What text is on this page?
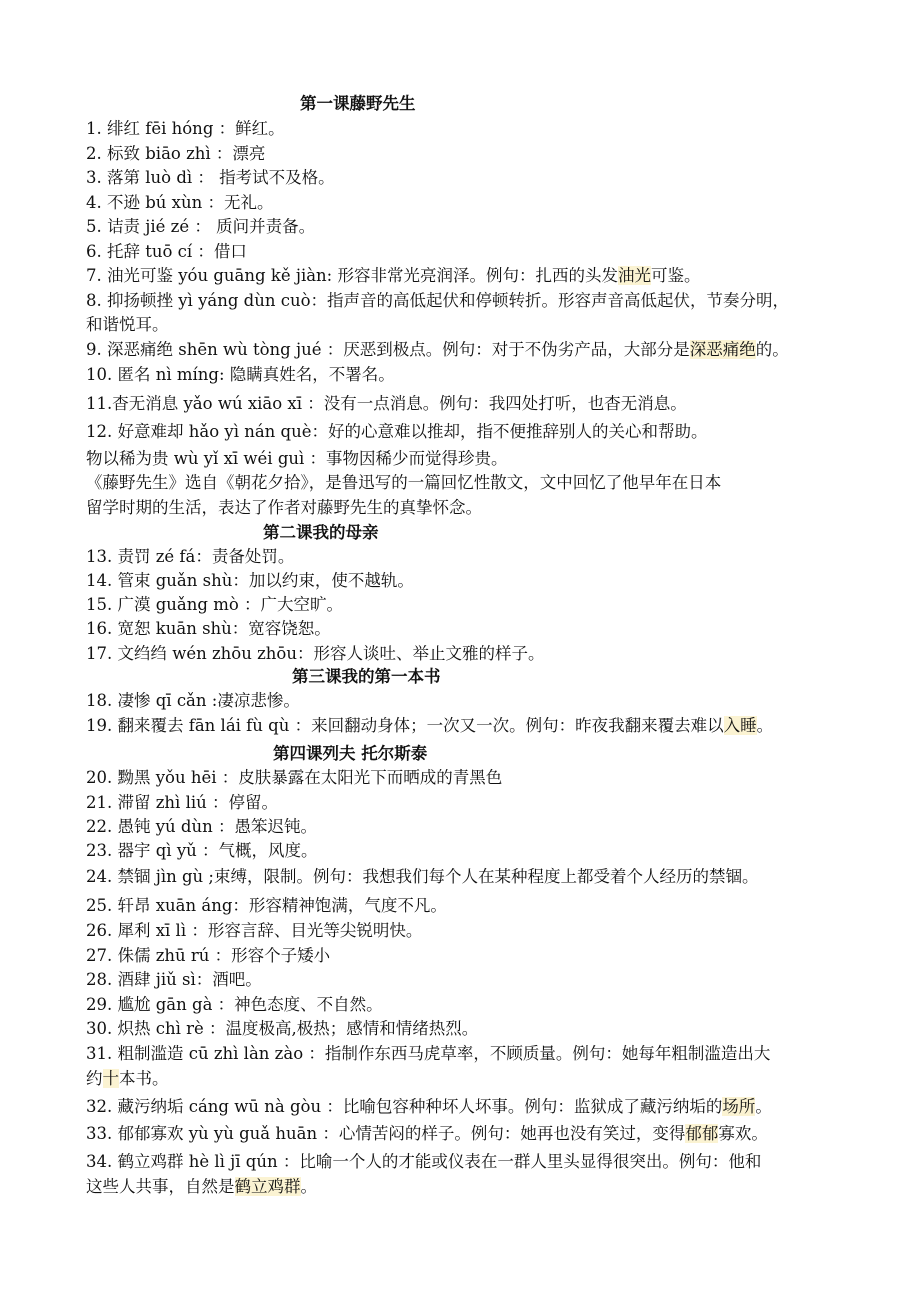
第一课藤野先生
1. 绯红 fēi hóng ：鲜红。
2. 标致 biāo zhì ：漂亮
3. 落第 luò dì ： 指考试不及格。
4. 不逊 bú xùn ：无礼。
5. 诘责 jié zé ： 质问并责备。
6. 托辞 tuō cí ：借口
7. 油光可鉴 yóu guāng kě jiàn: 形容非常光亮润泽。例句：扎西的头发油光可鉴。
8. 抑扬顿挫 yì yáng dùn cuò：指声音的高低起伏和停顿转折。形容声音高低起伏，节奏分明，
和谐悦耳。
9. 深恶痛绝 shēn wù tòng jué ：厌恶到极点。例句：对于不伪劣产品，大部分是深恶痛绝的。
10. 匿名 nì míng: 隐瞒真姓名，不署名。
11.杳无消息 yǎo wú xiāo xī ：没有一点消息。例句：我四处打听，也杳无消息。
12. 好意难却 hǎo yì nán què：好的心意难以推却，指不便推辞别人的关心和帮助。
物以稀为贵 wù yǐ xī wéi guì ：事物因稀少而觉得珍贵。
《藤野先生》选自《朝花夕拾》，是鲁迅写的一篇回忆性散文，文中回忆了他早年在日本
留学时期的生活，表达了作者对藤野先生的真挚怀念。
第二课我的母亲
13. 责罚 zé fá：责备处罚。
14. 管束 guǎn shù：加以约束，使不越轨。
15. 广漠 guǎng mò ：广大空旷。
16. 宽恕 kuān shù：宽容饶恕。
17. 文绉绉 wén zhōu zhōu：形容人谈吐、举止文雅的样子。
第三课我的第一本书
18. 凄惨 qī cǎn :凄凉悲惨。
19. 翻来覆去 fān lái fù qù ：来回翻动身体；一次又一次。例句：昨夜我翻来覆去难以入睡。
第四课列夫 托尔斯泰
20. 黝黑 yǒu hēi ：皮肤暴露在太阳光下而晒成的青黑色
21. 滞留 zhì liú ：停留。
22. 愚钝 yú dùn ：愚笨迟钝。
23. 器宇 qì yǔ ：气概，风度。
24. 禁锢 jìn gù ;束缚，限制。例句：我想我们每个人在某种程度上都受着个人经历的禁锢。
25. 轩昂 xuān áng：形容精神饱满，气度不凡。
26. 犀利 xī lì ：形容言辞、目光等尖锐明快。
27. 侏儒 zhū rú ：形容个子矮小
28. 酒肆 jiǔ sì：酒吧。
29. 尴尬 gān gà ：神色态度、不自然。
30. 炽热 chì rè ：温度极高,极热；感情和情绪热烈。
31. 粗制滥造 cū zhì làn zào ：指制作东西马虎草率，不顾质量。例句：她每年粗制滥造出大
约十本书。
32. 藏污纳垢 cáng wū nà gòu ：比喻包容种种坏人坏事。例句：监狱成了藏污纳垢的场所。
33. 郁郁寡欢 yù yù guǎ huān ：心情苦闷的样子。例句：她再也没有笑过，变得郁郁寡欢。
34. 鹤立鸡群 hè lì jī qún ：比喻一个人的才能或仪表在一群人里头显得很突出。例句：他和
这些人共事，自然是鹤立鸡群。
